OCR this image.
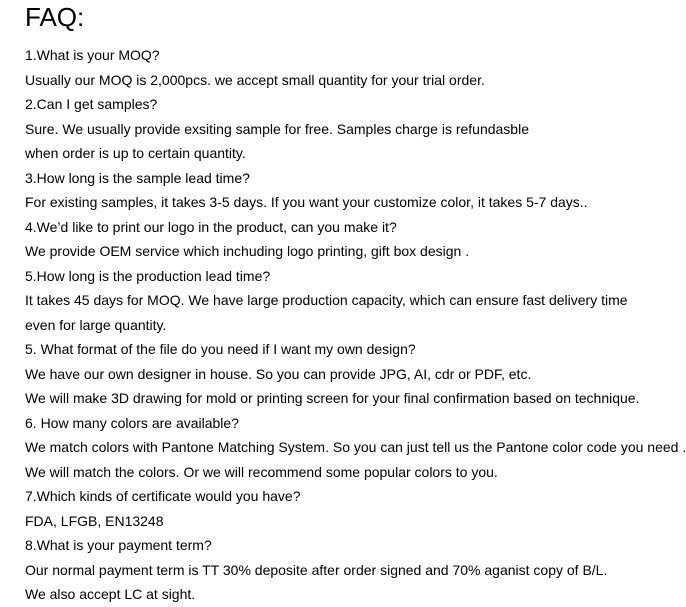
FAQ:

1.What is your MOQ?

Usually our MOQ is 2,000pcs. we accept small quantity for your trial order.

2.Can I get samples?

Sure. We usually provide exsiting sample for free. Samples charge is refundasble

when order is up to certain quantity.

3.How long is the sample lead time?

For existing samples, it takes 3-5 days. If you want your customize color, it takes 5-7 days..

4.We’d like to print our logo in the product, can you make it?

We provide OEM service which inchuding logo printing, gift box design .

5.How long is the production lead time?

It takes 45 days for MOQ. We have large production capacity, which can ensure fast delivery time

even for large quantity.

5. What format of the file do you need if I want my own design?

We have our own designer in house. So you can provide JPG, AI, cdr or PDF, etc.

We will make 3D drawing for mold or printing screen for your final confirmation based on technique.

6. How many colors are available?

We match colors with Pantone Matching System. So you can just tell us the Pantone color code you need .

We will match the colors. Or we will recommend some popular colors to you.

7.Which kinds of certificate would you have?

FDA, LFGB, EN13248

8.What is your payment term?

Our normal payment term is TT 30% deposite after order signed and 70% aganist copy of B/L.

We also accept LC at sight.
